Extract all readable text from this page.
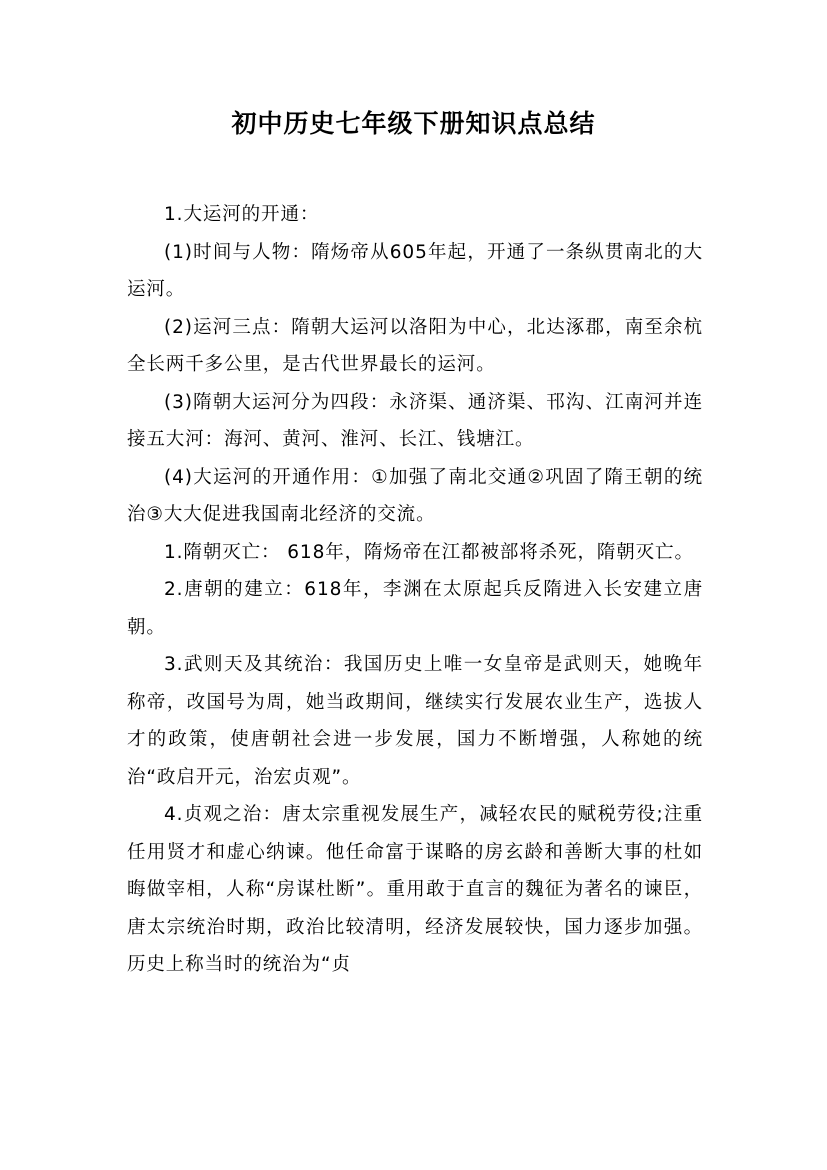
初中历史七年级下册知识点总结

1.大运河的开通：

(1)时间与人物：隋炀帝从605年起，开通了一条纵贯南北的大运河。

(2)运河三点：隋朝大运河以洛阳为中心，北达涿郡，南至余杭全长两千多公里，是古代世界最长的运河。

(3)隋朝大运河分为四段：永济渠、通济渠、邗沟、江南河并连接五大河：海河、黄河、淮河、长江、钱塘江。

(4)大运河的开通作用：①加强了南北交通②巩固了隋王朝的统治③大大促进我国南北经济的交流。

1.隋朝灭亡： 618年，隋炀帝在江都被部将杀死，隋朝灭亡。

2.唐朝的建立：618年，李渊在太原起兵反隋进入长安建立唐朝。

3.武则天及其统治：我国历史上唯一女皇帝是武则天，她晚年称帝，改国号为周，她当政期间，继续实行发展农业生产，选拔人才的政策，使唐朝社会进一步发展，国力不断增强，人称她的统治“政启开元，治宏贞观”。

4.贞观之治：唐太宗重视发展生产，减轻农民的赋税劳役;注重任用贤才和虚心纳谏。他任命富于谋略的房玄龄和善断大事的杜如晦做宰相，人称“房谋杜断”。重用敢于直言的魏征为著名的谏臣，唐太宗统治时期，政治比较清明，经济发展较快，国力逐步加强。历史上称当时的统治为“贞
